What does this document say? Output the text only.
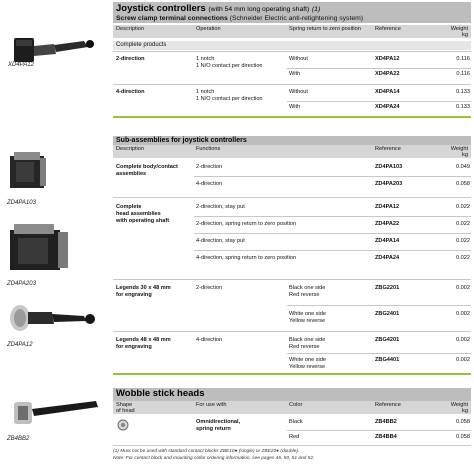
XD4PA12
ZD4PA103
ZD4PA203
ZD4PA12
ZB4BB2
Joystick controllers (with 54 mm long operating shaft) (1)
Screw clamp terminal connections (Schneider Electric anti-retightening system)
Description	Operation	Spring return to zero position	Reference	Weight
kg
Complete products
2-direction	1 notch
1 N/O contact per direction
Without	XD4PA12	0.116
With	XD4PA22	0.116
4-direction	1 notch
1 N/O contact per direction
Without	XD4PA14	0.133
With	XD4PA24	0.133
Sub-assemblies for joystick controllers
Description	Functions	Reference	Weight
kg
Complete body/contact
assemblies
2-direction	ZD4PA103	0.049
4-direction	ZD4PA203	0.058
Complete
head assemblies
with operating shaft
2-direction, stay put	ZD4PA12	0.022
2-direction, spring return to zero position	ZD4PA22	0.022
4-direction, stay put	ZD4PA14	0.022
4-direction, spring return to zero position	ZD4PA24	0.022
Legends 30 x 48 mm
for engraving
2-direction	Black one side
Red reverse
ZBG2201	0.002
White one side
Yellow reverse
ZBG2401	0.002
Legends 48 x 48 mm
for engraving
4-direction	Black one side
Red reverse
ZBG4201	0.002
White one side
Yellow reverse
ZBG4401	0.002
Wobble stick heads
Shape
of head
For use with	Color	Reference	Weight
kg
Omnidirectional,
spring return
Black	ZB4BB2	0.058
Red	ZB4BB4	0.058
(1) Must not be used with standard contact blocks ZBE10● (single) or ZBE20● (double).
Note: For contact block and mounting collar ordering information, see pages 46, 50, 51 and 52.
